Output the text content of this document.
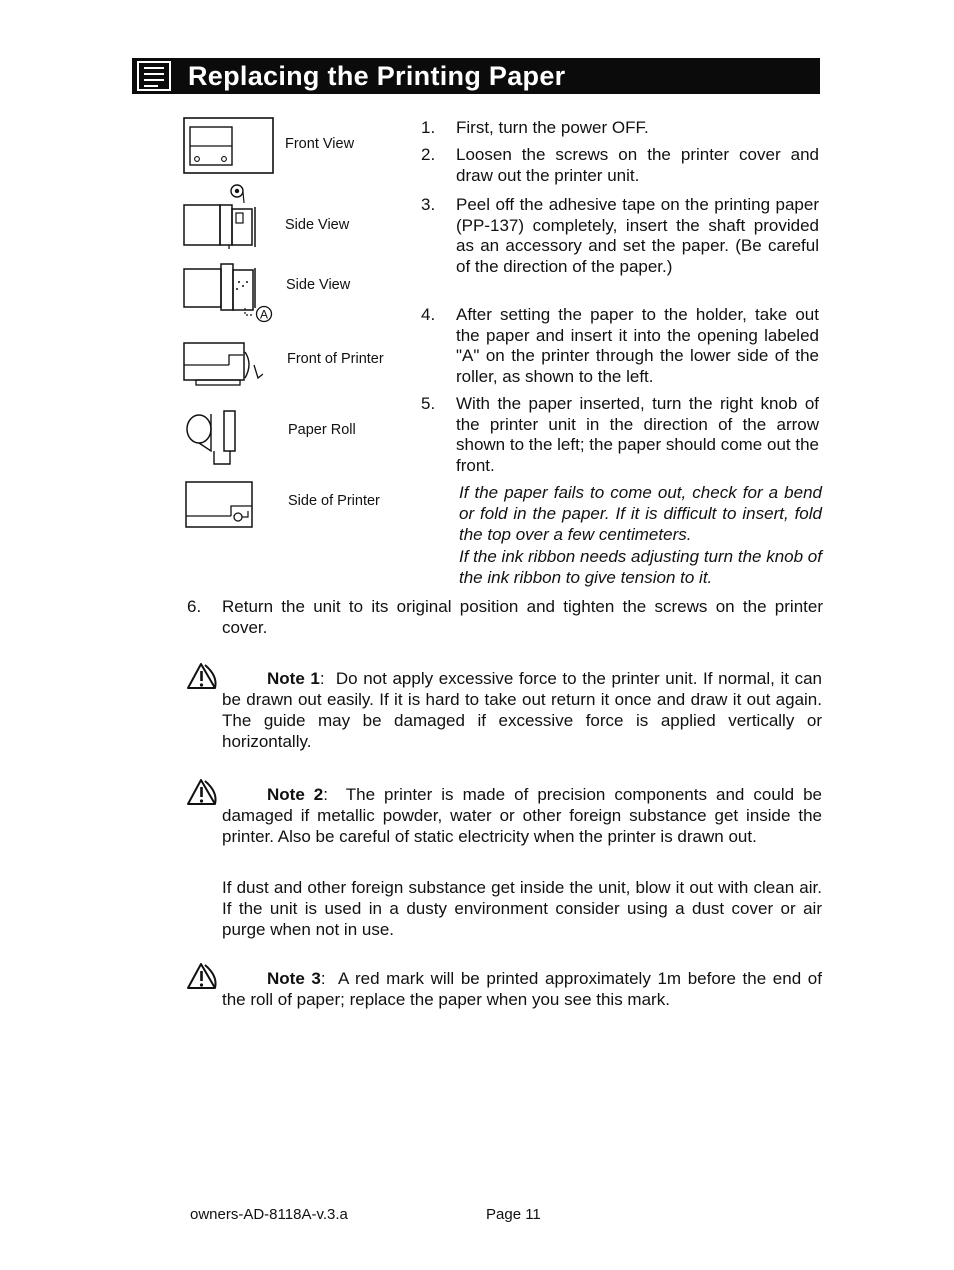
Replacing the Printing Paper
Front View
Side View
A
Side View
Front of Printer
Paper Roll
Side of Printer
1. First, turn the power OFF.
2. Loosen the screws on the printer cover and draw out the printer unit.
3. Peel off the adhesive tape on the printing paper (PP-137) completely, insert the shaft provided as an accessory and set the paper. (Be careful of the direction of the paper.)
4. After setting the paper to the holder, take out the paper and insert it into the opening labeled "A" on the printer through the lower side of the roller, as shown to the left.
5. With the paper inserted, turn the right knob of the printer unit in the direction of the arrow shown to the left; the paper should come out the front.
If the paper fails to come out, check for a bend or fold in the paper. If it is difficult to insert, fold the top over a few centimeters.
If the ink ribbon needs adjusting turn the knob of the ink ribbon to give tension to it.
6. Return the unit to its original position and tighten the screws on the printer cover.
Note 1:  Do not apply excessive force to the printer unit. If normal, it can be drawn out easily. If it is hard to take out return it once and draw it out again. The guide may be damaged if excessive force is applied vertically or horizontally.
Note 2:  The printer is made of precision components and could be damaged if metallic powder, water or other foreign substance get inside the printer. Also be careful of static electricity when the printer is drawn out.
If dust and other foreign substance get inside the unit, blow it out with clean air. If the unit is used in a dusty environment consider using a dust cover or air purge when not in use.
Note 3:  A red mark will be printed approximately 1m before the end of the roll of paper; replace the paper when you see this mark.
owners-AD-8118A-v.3.a	Page 11
